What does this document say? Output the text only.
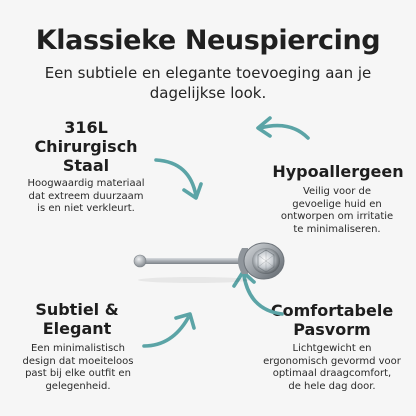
Klassieke Neuspiercing
Een subtiele en elegante toevoeging aan je dagelijkse look.
316L
Chirurgisch
Staal
Hoogwaardig materiaal
dat extreem duurzaam
is en niet verkleurt.
Hypoallergeen
Veilig voor de
gevoelige huid en
ontworpen om irritatie
te minimaliseren.
Subtiel &
Elegant
Een minimalistisch
design dat moeiteloos
past bij elke outfit en
gelegenheid.
Comfortabele
Pasvorm
Lichtgewicht en
ergonomisch gevormd voor
optimaal draagcomfort,
de hele dag door.
